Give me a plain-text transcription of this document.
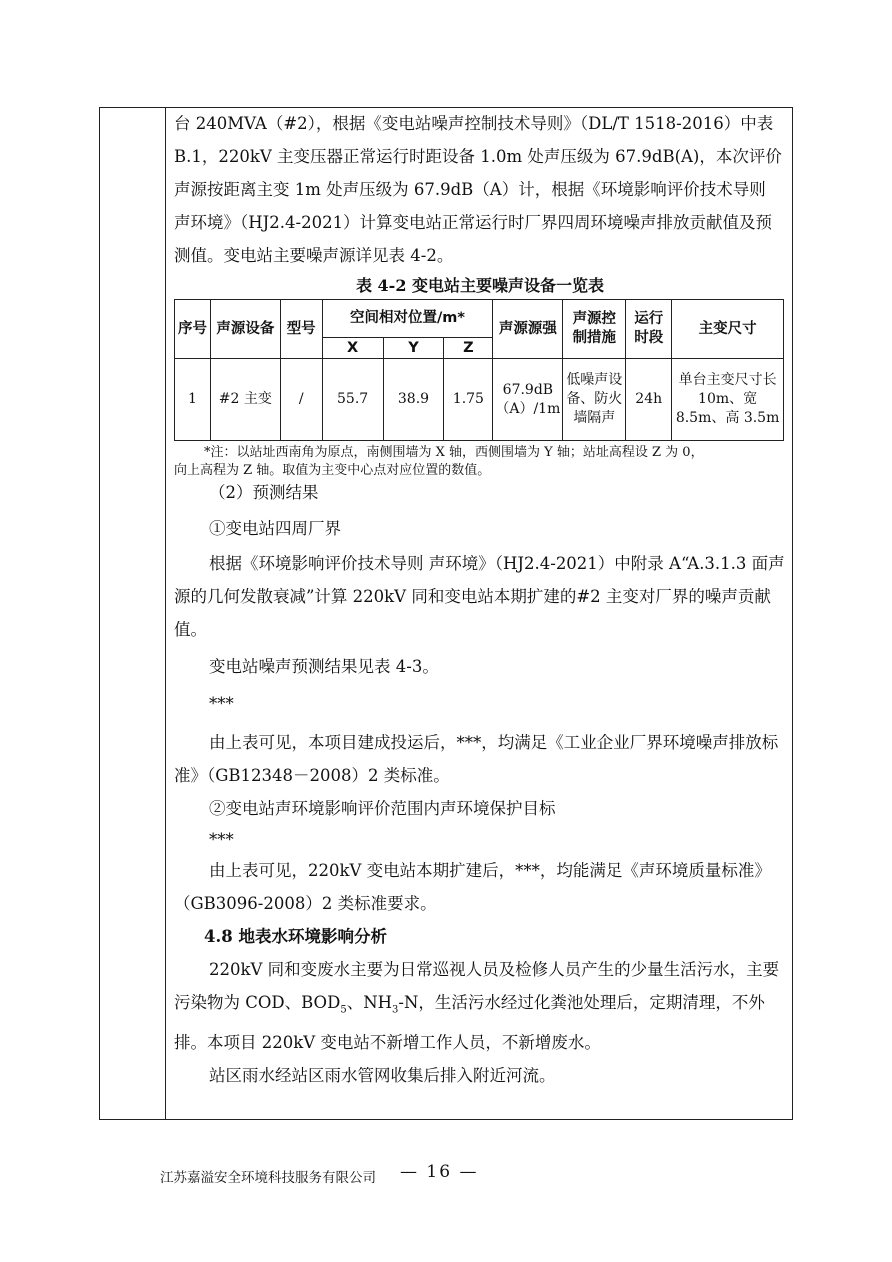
台 240MVA（#2），根据《变电站噪声控制技术导则》（DL/T 1518-2016）中表 B.1，220kV 主变压器正常运行时距设备 1.0m 处声压级为 67.9dB(A)，本次评价声源按距离主变 1m 处声压级为 67.9dB（A）计，根据《环境影响评价技术导则 声环境》（HJ2.4-2021）计算变电站正常运行时厂界四周环境噪声排放贡献值及预测值。变电站主要噪声源详见表 4-2。

表 4-2 变电站主要噪声设备一览表

序号	声源设备	型号	空间相对位置/m*			声源源强	声源控制措施	运行时段	主变尺寸
			X	Y	Z				
1	#2 主变	/	55.7	38.9	1.75	67.9dB（A）/1m	低噪声设备、防火墙隔声	24h	单台主变尺寸长 10m、宽 8.5m、高 3.5m

*注：以站址西南角为原点，南侧围墙为 X 轴，西侧围墙为 Y 轴；站址高程设 Z 为 0，

向上高程为 Z 轴。取值为主变中心点对应位置的数值。

（2）预测结果

①变电站四周厂界

根据《环境影响评价技术导则 声环境》（HJ2.4-2021）中附录 A“A.3.1.3 面声源的几何发散衰减”计算 220kV 同和变电站本期扩建的#2 主变对厂界的噪声贡献值。

变电站噪声预测结果见表 4-3。

***

由上表可见，本项目建成投运后，***，均满足《工业企业厂界环境噪声排放标准》（GB12348－2008）2 类标准。

②变电站声环境影响评价范围内声环境保护目标

***

由上表可见，220kV 变电站本期扩建后，***，均能满足《声环境质量标准》（GB3096-2008）2 类标准要求。

4.8 地表水环境影响分析

220kV 同和变废水主要为日常巡视人员及检修人员产生的少量生活污水，主要污染物为 COD、$BOD_5$、$NH_3-N$，生活污水经过化粪池处理后，定期清理，不外排。本项目 220kV 变电站不新增工作人员，不新增废水。

站区雨水经站区雨水管网收集后排入附近河流。

江苏嘉溢安全环境科技服务有限公司 — 16 —
